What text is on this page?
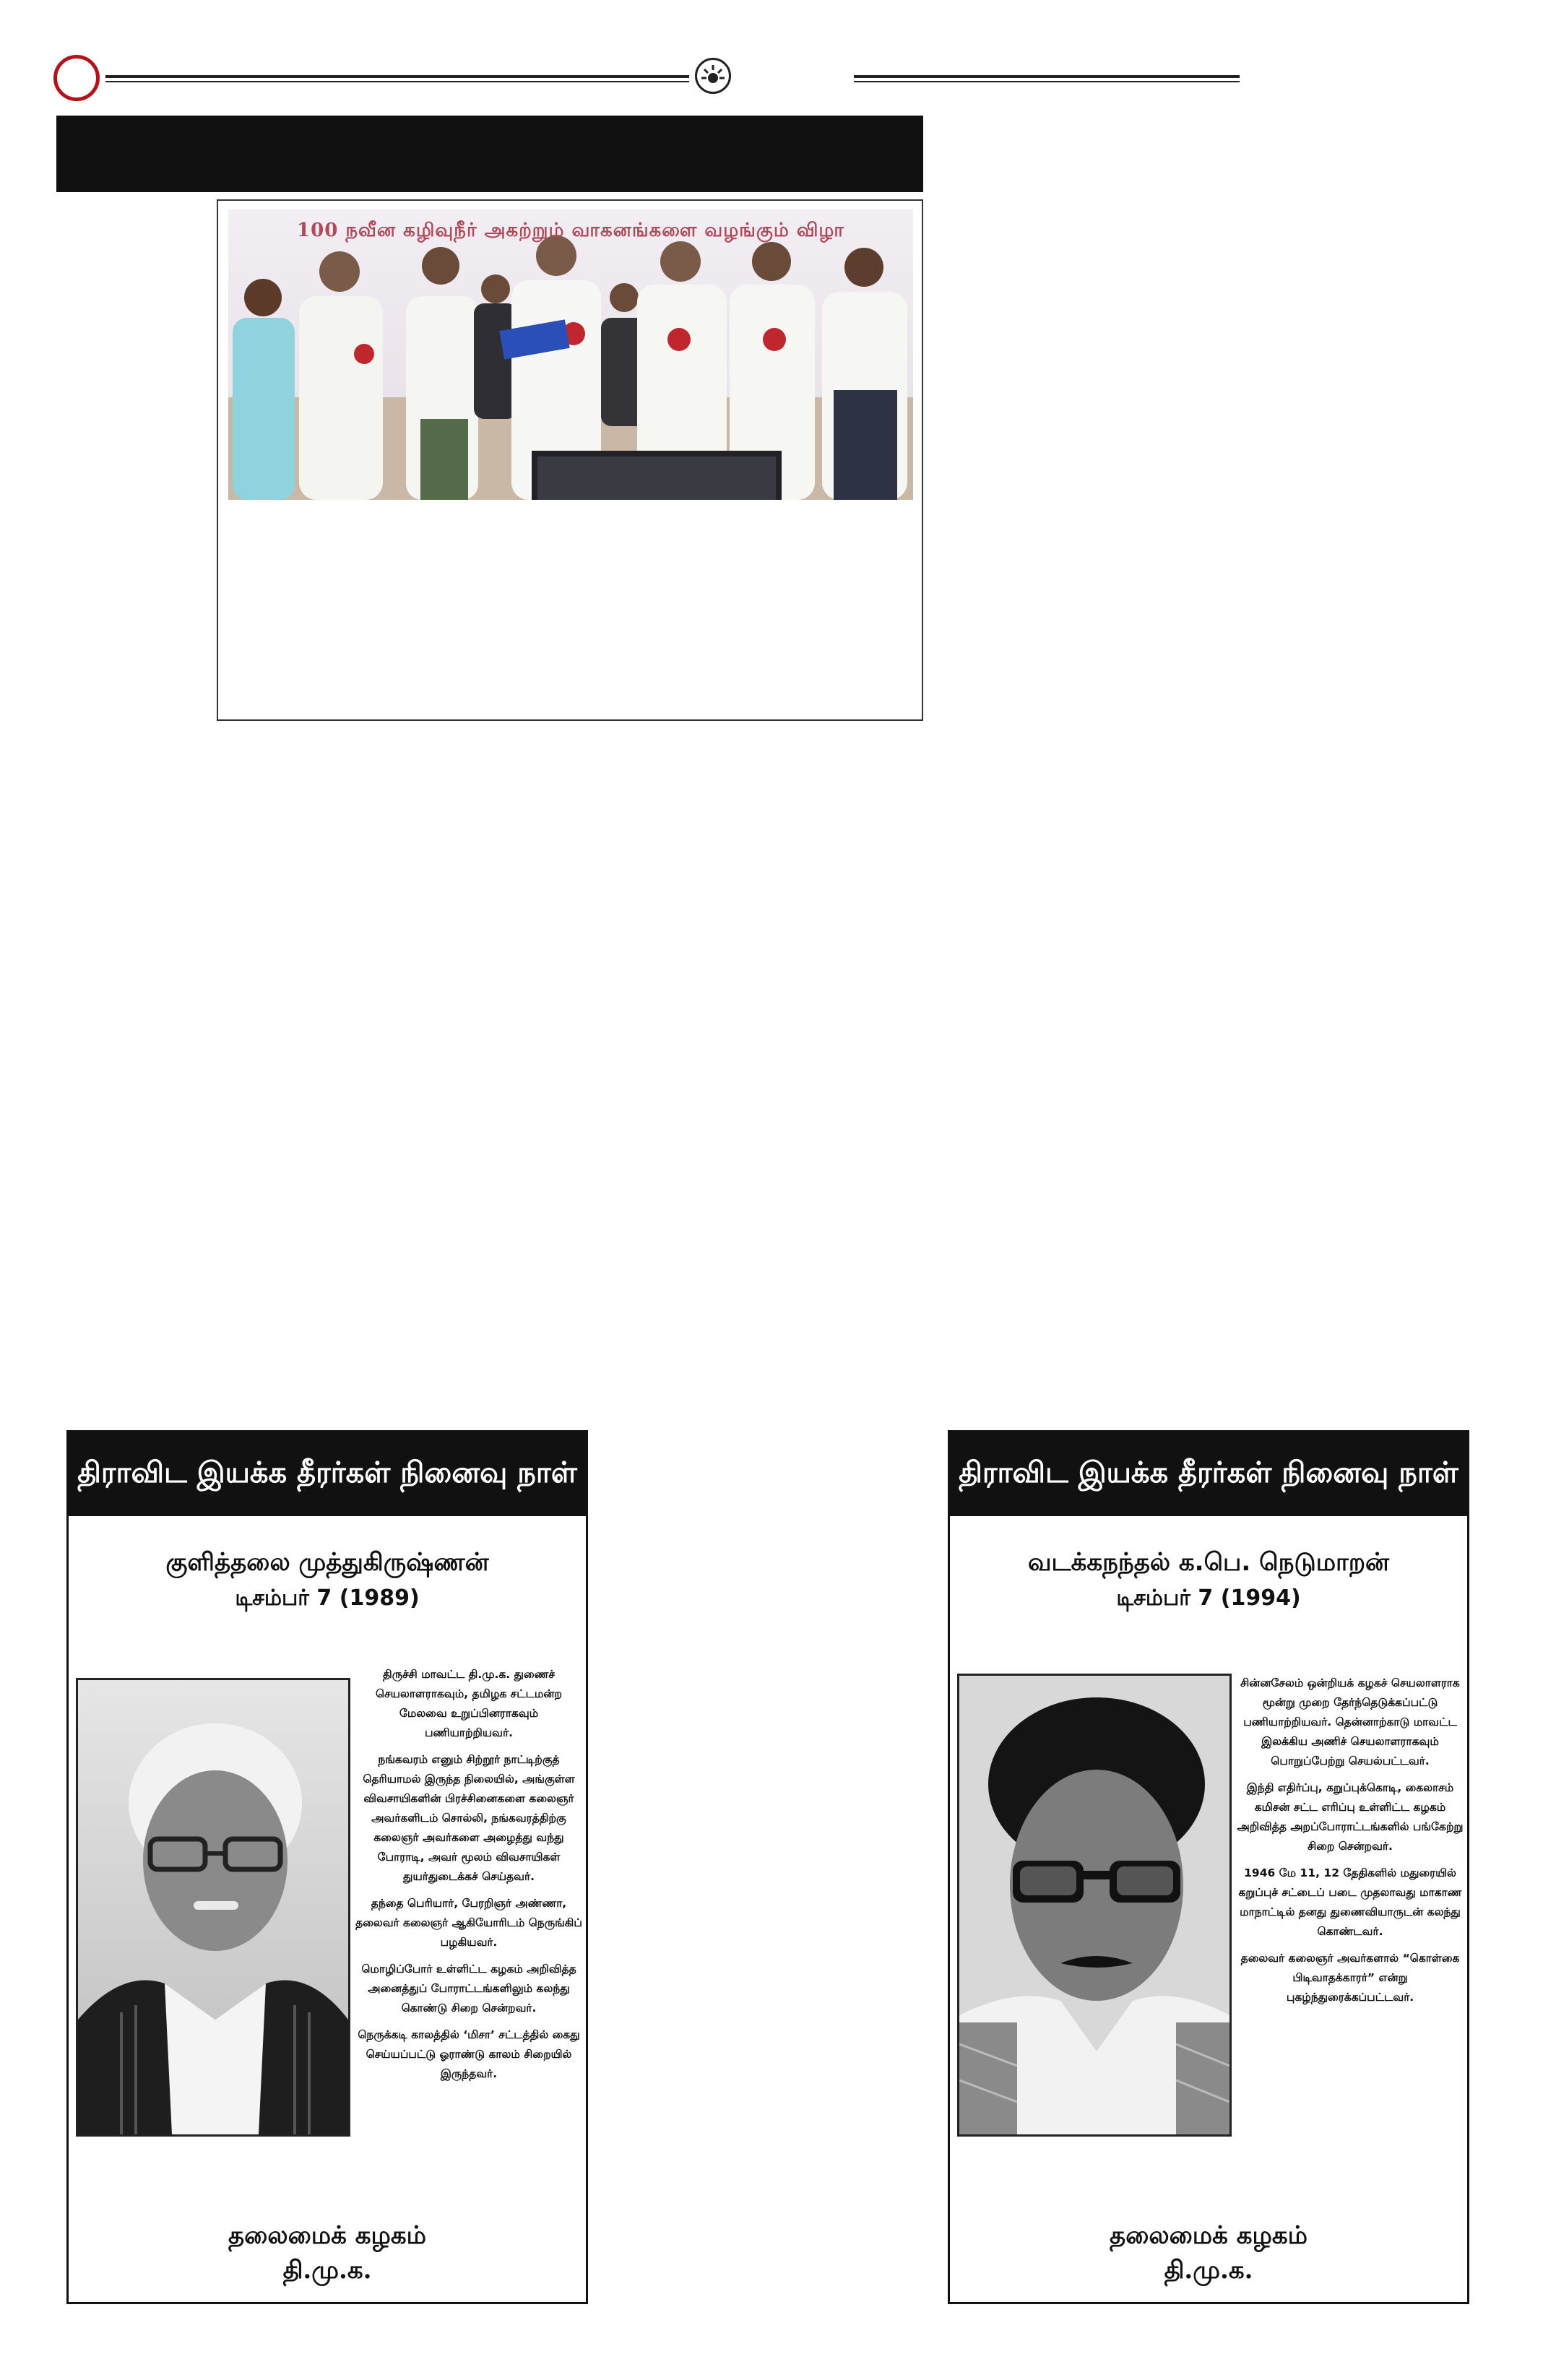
100 நவீன கழிவுநீர் அகற்றும் வாகனங்களை வழங்கும் விழா
திராவிட இயக்க தீரர்கள் நினைவு நாள்
குளித்தலை முத்துகிருஷ்ணன்
டிசம்பர் 7 (1989)

திருச்சி மாவட்ட தி.மு.க. துணைச் செயலாளராகவும், தமிழக சட்டமன்ற மேலவை உறுப்பினராகவும் பணியாற்றியவர்.

நங்கவரம் எனும் சிற்றூர் நாட்டிற்குத் தெரியாமல் இருந்த நிலையில், அங்குள்ள விவசாயிகளின் பிரச்சினைகளை கலைஞர் அவர்களிடம் சொல்லி, நங்கவரத்திற்கு கலைஞர் அவர்களை அழைத்து வந்து போராடி, அவர் மூலம் விவசாயிகள் துயர்துடைக்கச் செய்தவர்.

தந்தை பெரியார், பேரறிஞர் அண்ணா, தலைவர் கலைஞர் ஆகியோரிடம் நெருங்கிப் பழகியவர்.

மொழிப்போர் உள்ளிட்ட கழகம் அறிவித்த அனைத்துப் போராட்டங்களிலும் கலந்து கொண்டு சிறை சென்றவர்.

நெருக்கடி காலத்தில் ‘மிசா’ சட்டத்தில் கைது செய்யப்பட்டு ஓராண்டு காலம் சிறையில் இருந்தவர்.

தலைமைக் கழகம்
தி.மு.க.
திராவிட இயக்க தீரர்கள் நினைவு நாள்
வடக்கநந்தல் க.பெ. நெடுமாறன்
டிசம்பர் 7 (1994)

சின்னசேலம் ஒன்றியக் கழகச் செயலாளராக மூன்று முறை தேர்ந்தெடுக்கப்பட்டு பணியாற்றியவர். தென்னாற்காடு மாவட்ட இலக்கிய அணிச் செயலாளராகவும் பொறுப்பேற்று செயல்பட்டவர்.

இந்தி எதிர்ப்பு, கறுப்புக்கொடி, கைலாசம் கமிசன் சட்ட எரிப்பு உள்ளிட்ட கழகம் அறிவித்த அறப்போராட்டங்களில் பங்கேற்று சிறை சென்றவர்.

1946 மே 11, 12 தேதிகளில் மதுரையில் கறுப்புச் சட்டைப் படை முதலாவது மாகாண மாநாட்டில் தனது துணைவியாருடன் கலந்து கொண்டவர்.

தலைவர் கலைஞர் அவர்களால் “கொள்கை பிடிவாதக்காரர்” என்று புகழ்ந்துரைக்கப்பட்டவர்.

தலைமைக் கழகம்
தி.மு.க.
